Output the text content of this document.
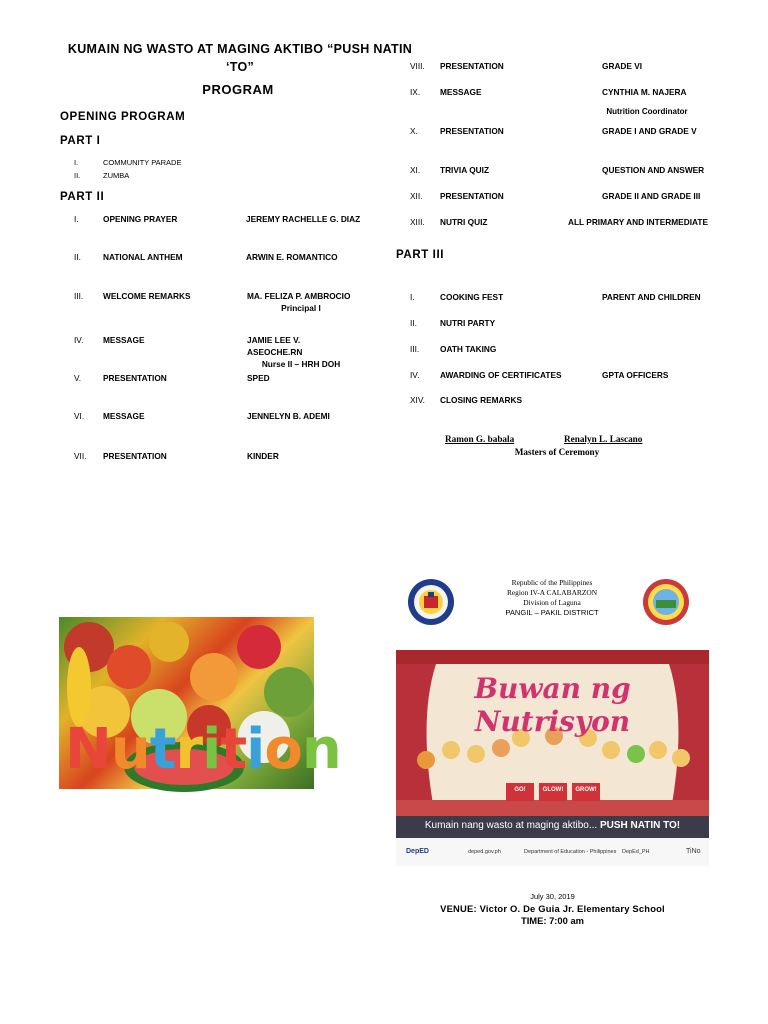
KUMAIN NG WASTO AT MAGING AKTIBO “PUSH NATIN ‘TO”
PROGRAM
OPENING PROGRAM
PART I
I.	COMMUNITY PARADE
II.	ZUMBA
PART II
I.	OPENING PRAYER	JEREMY RACHELLE G. DIAZ
II.	NATIONAL ANTHEM	ARWIN E. ROMANTICO
III. WELCOME REMARKS	MA. FELIZA P. AMBROCIO
Principal I
IV. MESSAGE	JAMIE LEE V. ASEOCHE.RN
Nurse II – HRH DOH
V.	PRESENTATION	SPED
VI. MESSAGE	JENNELYN B. ADEMI
VII. PRESENTATION	KINDER
VIII. PRESENTATION	GRADE VI
IX. MESSAGE	CYNTHIA M. NAJERA
Nutrition Coordinator
X.	PRESENTATION	GRADE I AND GRADE V
XI. TRIVIA QUIZ	QUESTION AND ANSWER
XII. PRESENTATION	GRADE II AND GRADE III
XIII. NUTRI QUIZ	ALL PRIMARY AND INTERMEDIATE
PART III
I.	COOKING FEST	PARENT AND CHILDREN
II.	NUTRI PARTY
III.	OATH TAKING
IV. AWARDING OF CERTIFICATES	GPTA OFFICERS
XIV. CLOSING REMARKS
Ramon G. babala	Renalyn L. Lascano
Masters of Ceremony
Republic of the Philippines
Region IV-A CALABARZON
Division of Laguna
PANGIL – PAKIL DISTRICT
Nutrition
Buwan ng Nutrisyon
GO!	GLOW!	GROW!
Kumain nang wasto at maging aktibo... PUSH NATIN TO!
DepED	deped.gov.ph	Department of Education - Philippines DepEd_PH	TiNo
July 30, 2019
VENUE: Victor O. De Guia Jr. Elementary School
TIME: 7:00 am
